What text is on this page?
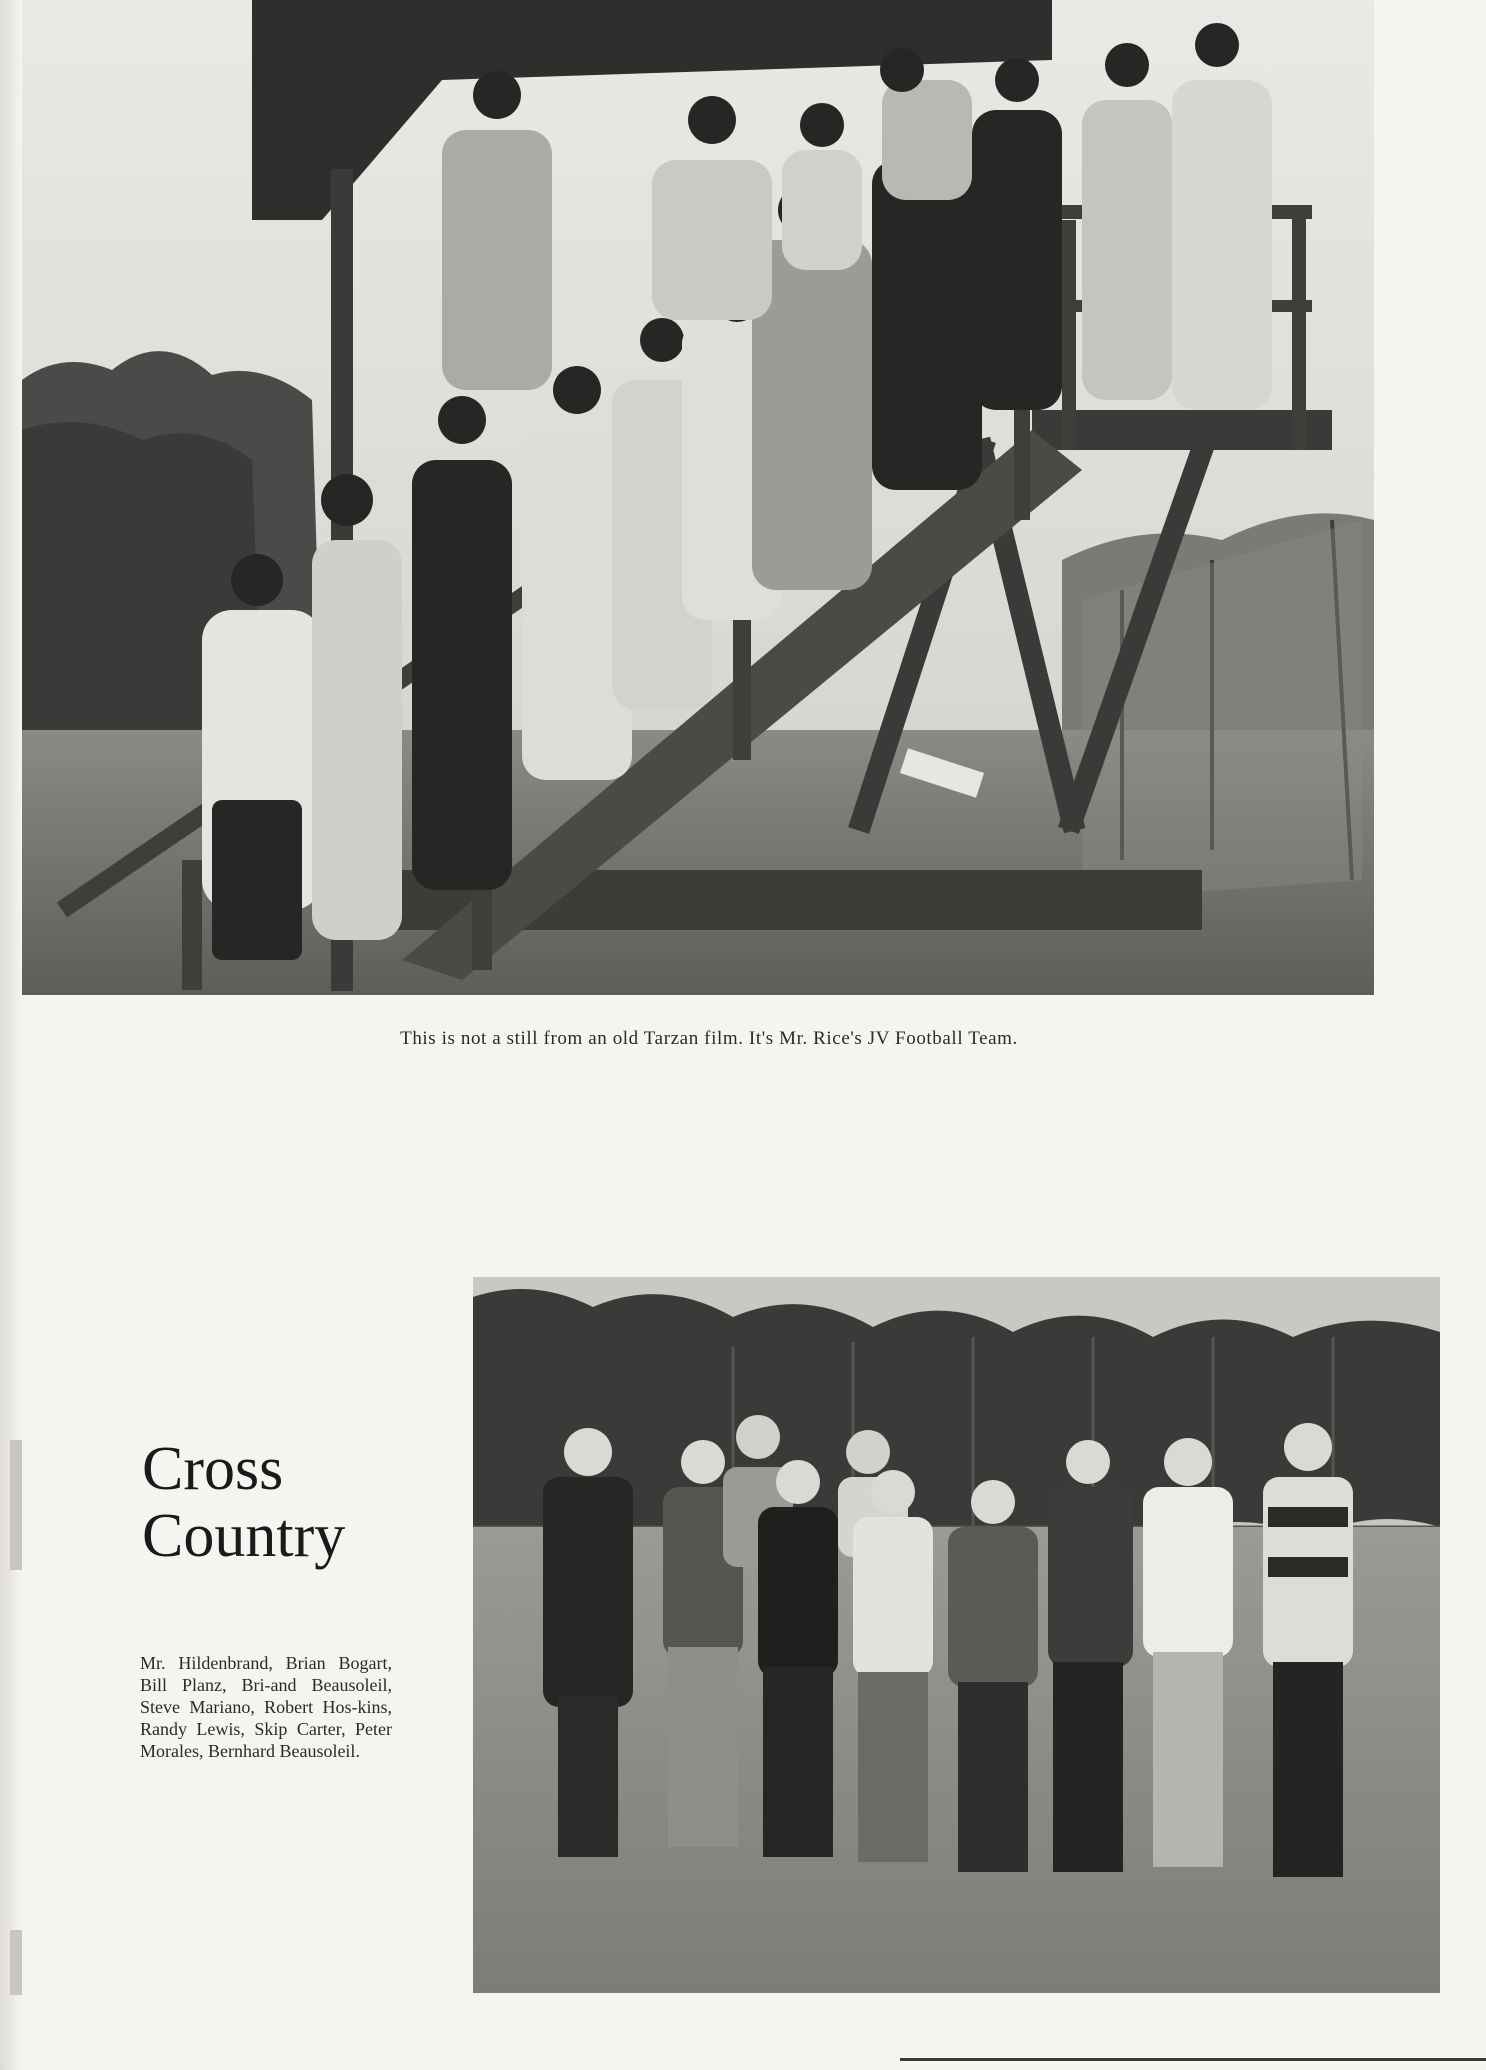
This is not a still from an old Tarzan film. It's Mr. Rice's JV Football Team.
Cross
Country
Mr. Hildenbrand, Brian Bogart, Bill Planz, Bri-and Beausoleil, Steve Mariano, Robert Hos-kins, Randy Lewis, Skip Carter, Peter Morales, Bernhard Beausoleil.
